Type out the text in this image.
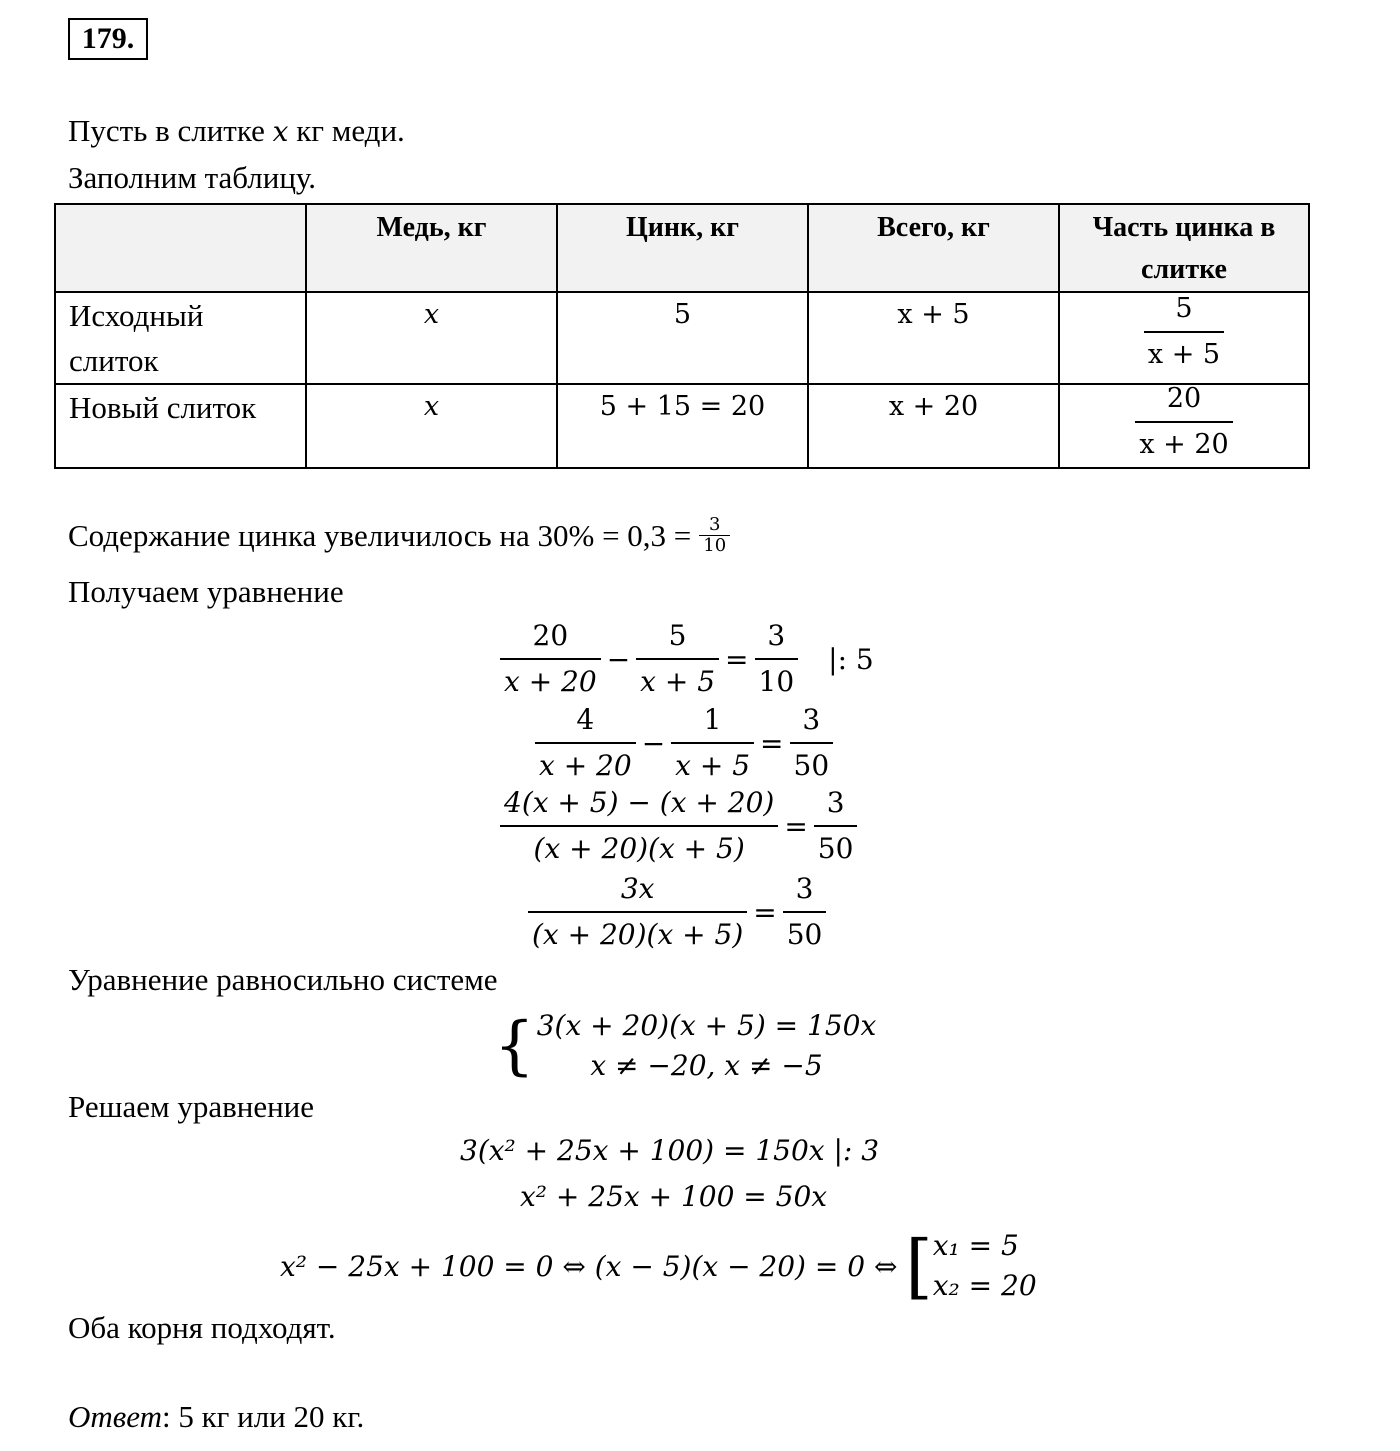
179.
Пусть в слитке x кг меди.
Заполним таблицу.
	Медь, кг	Цинк, кг	Всего, кг	Часть цинка в слитке
Исходный слиток	x	5	x + 5	$\frac{5}{x + 5}$

Новый слиток	x	5 + 15 = 20	x + 20	$\frac{20}{x + 20}$
Содержание цинка увеличилось на $30\% = 0,3 = \frac{3}{10}$
Получаем уравнение
$\frac{20}{x + 20} - \frac{5}{x + 5} = \frac{3}{10}$	|: 5
$\frac{4}{x + 20} - \frac{1}{x + 5} = \frac{3}{50}$
$\frac{4(x + 5) - (x + 20)}{(x + 20)(x + 5)} = \frac{3}{50}$
$\frac{3x}{(x + 20)(x + 5)} = \frac{3}{50}$
Уравнение равносильно системе
{ 3(x + 20)(x + 5) = 150x
x ≠ −20, x ≠ −5
Решаем уравнение
3(x² + 25x + 100) = 150x |: 3
x² + 25x + 100 = 50x
x² − 25x + 100 = 0 ⇔ (x − 5)(x − 20) = 0 ⇔ [ x₁ = 5
x₂ = 20
Оба корня подходят.
Ответ: 5 кг или 20 кг.
